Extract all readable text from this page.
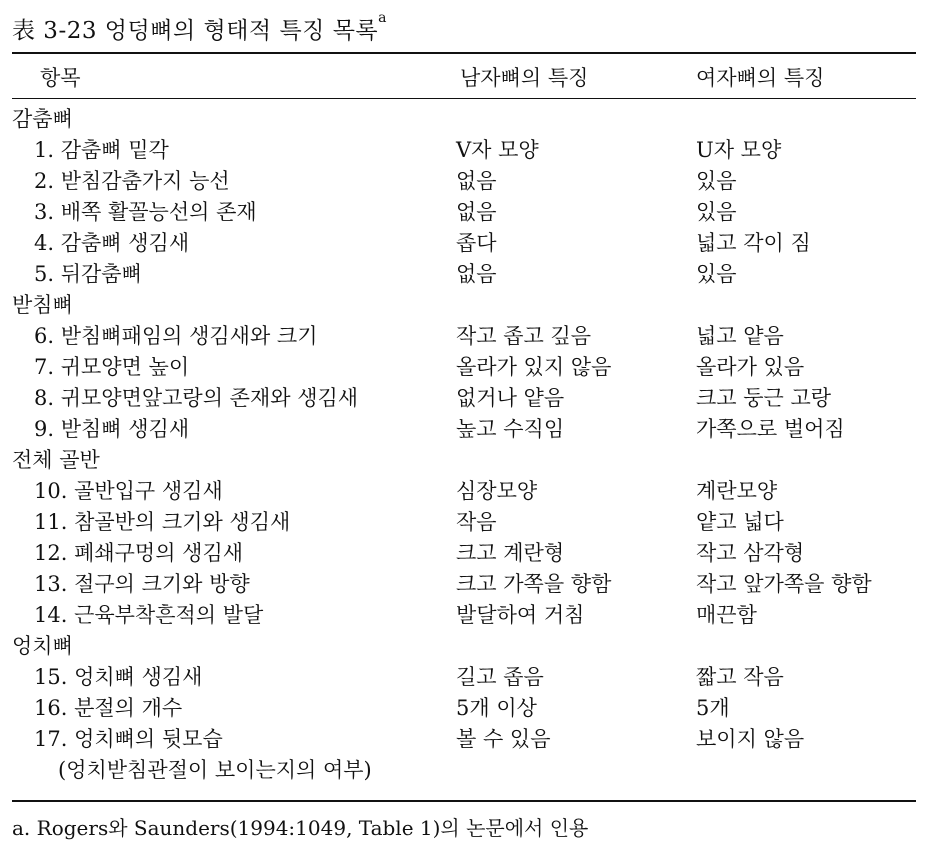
表 3-23 엉덩뼈의 형태적 특징 목록$^a$
항목	남자뼈의 특징	여자뼈의 특징
감춤뼈
1. 감춤뼈 밑각	V자 모양	U자 모양
2. 받침감춤가지 능선	없음	있음
3. 배쪽 활꼴능선의 존재	없음	있음
4. 감춤뼈 생김새	좁다	넓고 각이 짐
5. 뒤감춤뼈	없음	있음
받침뼈
6. 받침뼈패임의 생김새와 크기	작고 좁고 깊음	넓고 얕음
7. 귀모양면 높이	올라가 있지 않음	올라가 있음
8. 귀모양면앞고랑의 존재와 생김새	없거나 얕음	크고 둥근 고랑
9. 받침뼈 생김새	높고 수직임	가쪽으로 벌어짐
전체 골반
10. 골반입구 생김새	심장모양	계란모양
11. 참골반의 크기와 생김새	작음	얕고 넓다
12. 폐쇄구멍의 생김새	크고 계란형	작고 삼각형
13. 절구의 크기와 방향	크고 가쪽을 향함	작고 앞가쪽을 향함
14. 근육부착흔적의 발달	발달하여 거침	매끈함
엉치뼈
15. 엉치뼈 생김새	길고 좁음	짧고 작음
16. 분절의 개수	5개 이상	5개
17. 엉치뼈의 뒷모습	볼 수 있음	보이지 않음
(엉치받침관절이 보이는지의 여부)
a. Rogers와 Saunders(1994:1049, Table 1)의 논문에서 인용
